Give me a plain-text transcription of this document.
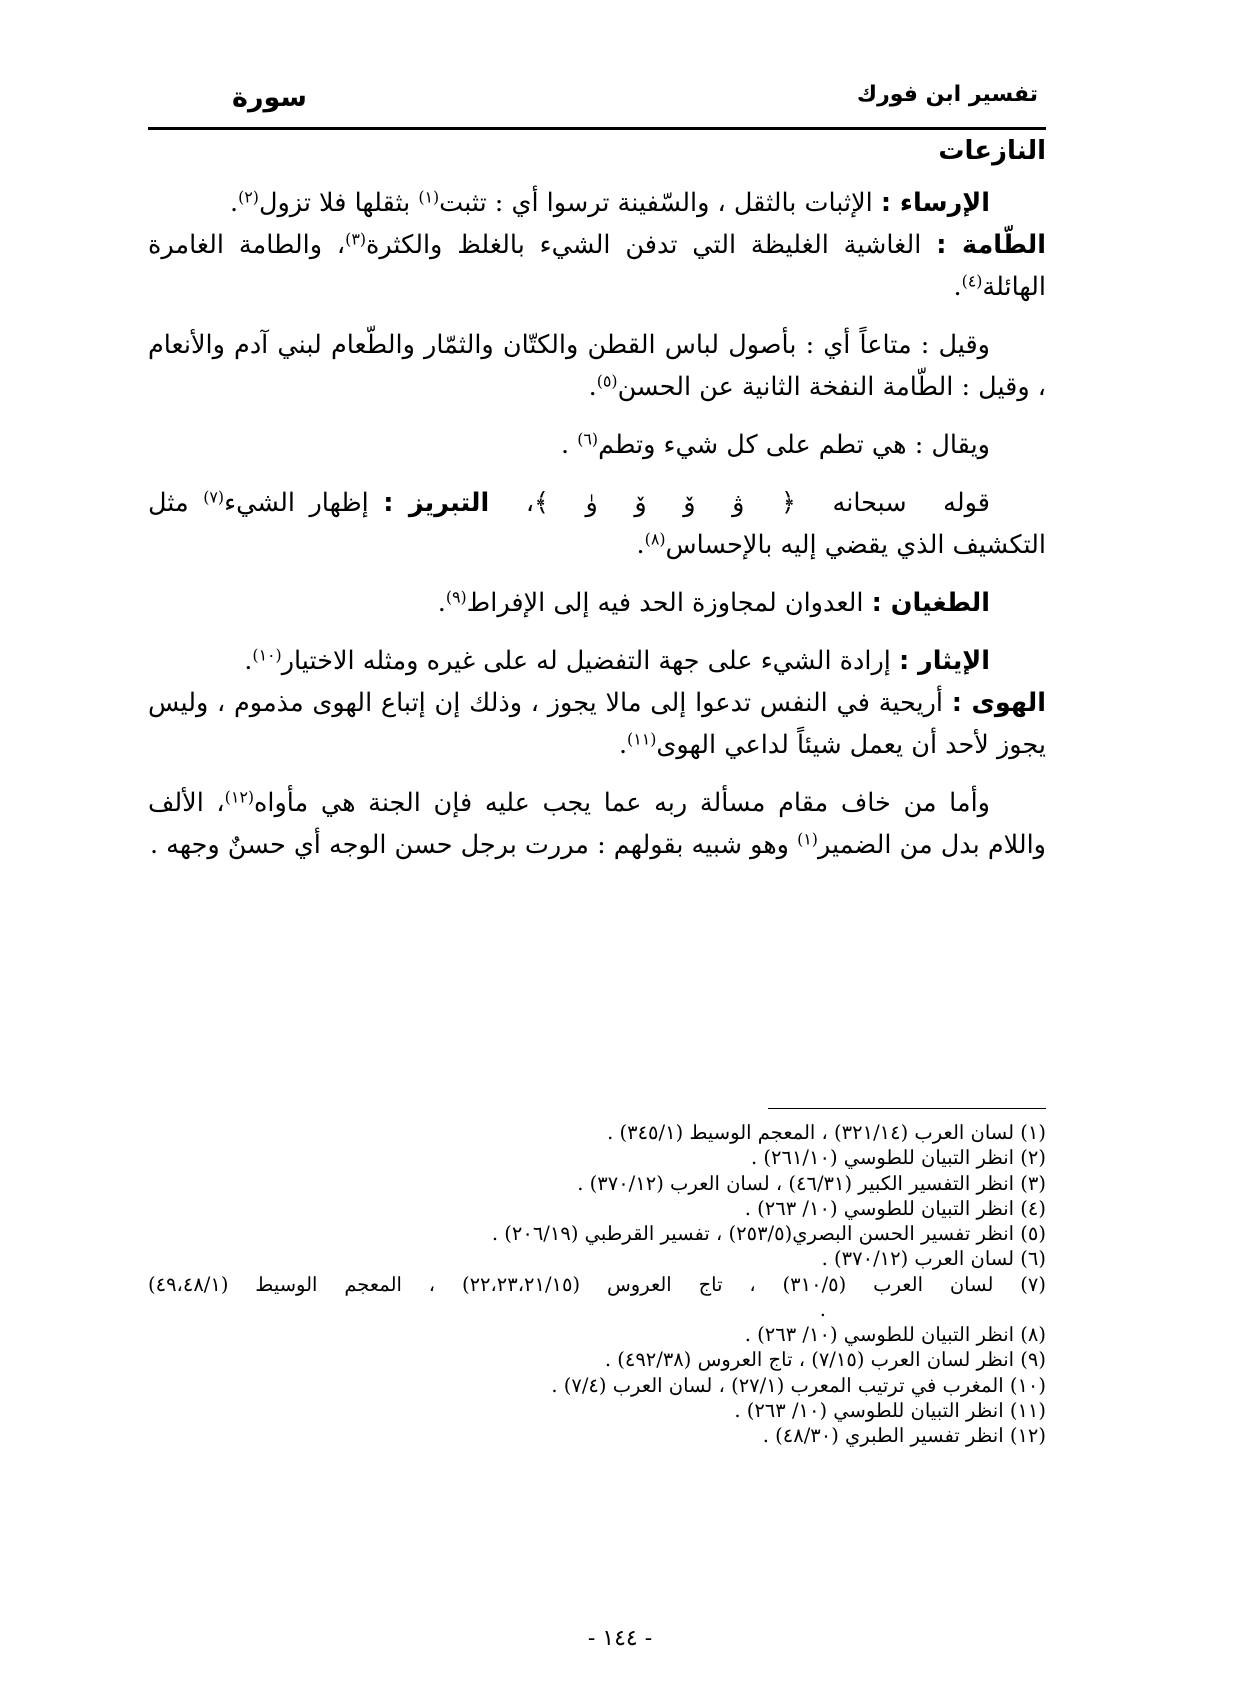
تفسير ابن فورك
سورة
النازعات

الإرساء : الإثبات بالثقل ، والسّفينة ترسوا أي : تثبت$^{(١)}$ بثقلها فلا تزول$^{(٢)}$.

الطّامة : الغاشية الغليظة التي تدفن الشيء بالغلظ والكثرة$^{(٣)}$، والطامة الغامرة الهائلة$^{(٤)}$.

وقيل : متاعاً أي : بأصول لباس القطن والكتّان والثمّار والطّعام لبني آدم والأنعام ، وقيل : الطّامة النفخة الثانية عن الحسن$^{(٥)}$.

ويقال : هي تطم على كل شيء وتطم$^{(٦)}$ .

قوله سبحانه ﴿ ۋ ۆ ۆ ۈ ﴾، التبريز : إظهار الشيء$^{(٧)}$ مثل التكشيف الذي يقضي إليه بالإحساس$^{(٨)}$.

الطغيان : العدوان لمجاوزة الحد فيه إلى الإفراط$^{(٩)}$.

الإيثار : إرادة الشيء على جهة التفضيل له على غيره ومثله الاختيار$^{(١٠)}$.

الهوى : أريحية في النفس تدعوا إلى مالا يجوز ، وذلك إن إتباع الهوى مذموم ، وليس يجوز لأحد أن يعمل شيئاً لداعي الهوى$^{(١١)}$.

وأما من خاف مقام مسألة ربه عما يجب عليه فإن الجنة هي مأواه$^{(١٢)}$، الألف واللام بدل من الضمير$^{(١)}$ وهو شبيه بقولهم : مررت برجل حسن الوجه أي حسنٌ وجهه .

(١) لسان العرب (٣٢١/١٤) ، المعجم الوسيط (٣٤٥/١) .

(٢) انظر التبيان للطوسي (٢٦١/١٠) .

(٣) انظر التفسير الكبير (٤٦/٣١) ، لسان العرب (٣٧٠/١٢) .

(٤) انظر التبيان للطوسي (١٠/ ٢٦٣) .

(٥) انظر تفسير الحسن البصري(٢٥٣/٥) ، تفسير القرطبي (٢٠٦/١٩) .

(٦) لسان العرب (٣٧٠/١٢) .

(٧) لسان العرب (٣١٠/٥) ، تاج العروس (٢٢،٢٣،٢١/١٥) ، المعجم الوسيط (٤٩،٤٨/١)

.

(٨) انظر التبيان للطوسي (١٠/ ٢٦٣) .

(٩) انظر لسان العرب (٧/١٥) ، تاج العروس (٤٩٢/٣٨) .

(١٠) المغرب في ترتيب المعرب (٢٧/١) ، لسان العرب (٧/٤) .

(١١) انظر التبيان للطوسي (١٠/ ٢٦٣) .

(١٢) انظر تفسير الطبري (٤٨/٣٠) .

- ١٤٤ -
